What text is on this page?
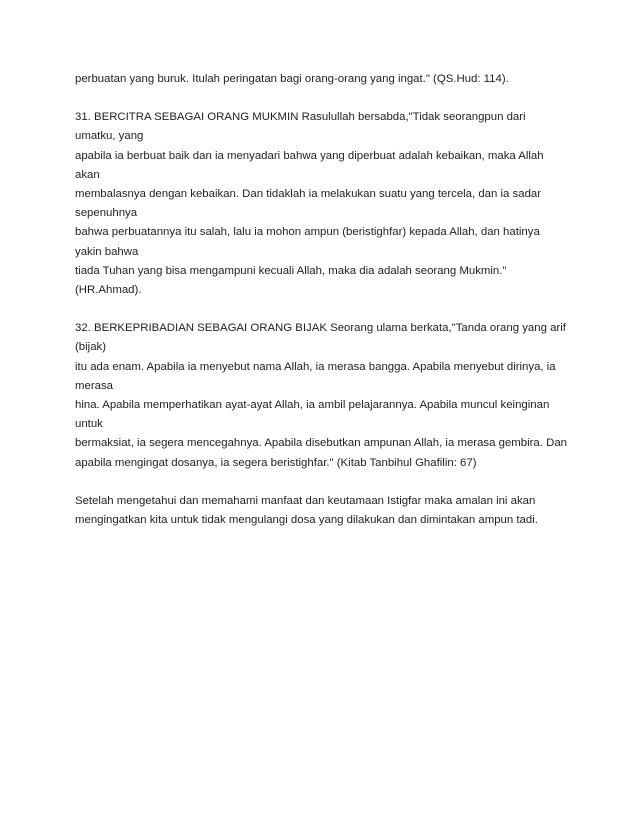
perbuatan yang buruk. Itulah peringatan bagi orang-orang yang ingat." (QS.Hud: 114).

31. BERCITRA SEBAGAI ORANG MUKMIN Rasulullah bersabda,"Tidak seorangpun dari umatku, yang
apabila ia berbuat baik dan ia menyadari bahwa yang diperbuat adalah kebaikan, maka Allah akan
membalasnya dengan kebaikan. Dan tidaklah ia melakukan suatu yang tercela, dan ia sadar sepenuhnya
bahwa perbuatannya itu salah, lalu ia mohon ampun (beristighfar) kepada Allah, dan hatinya yakin bahwa
tiada Tuhan yang bisa mengampuni kecuali Allah, maka dia adalah seorang Mukmin." (HR.Ahmad).

32. BERKEPRIBADIAN SEBAGAI ORANG BIJAK Seorang ulama berkata,"Tanda orang yang arif (bijak)
itu ada enam. Apabila ia menyebut nama Allah, ia merasa bangga. Apabila menyebut dirinya, ia merasa
hina. Apabila memperhatikan ayat-ayat Allah, ia ambil pelajarannya. Apabila muncul keinginan untuk
bermaksiat, ia segera mencegahnya. Apabila disebutkan ampunan Allah, ia merasa gembira. Dan
apabila mengingat dosanya, ia segera beristighfar." (Kitab Tanbihul Ghafilin: 67)

Setelah mengetahui dan memahami manfaat dan keutamaan Istigfar maka amalan ini akan
mengingatkan kita untuk tidak mengulangi dosa yang dilakukan dan dimintakan ampun tadi.
